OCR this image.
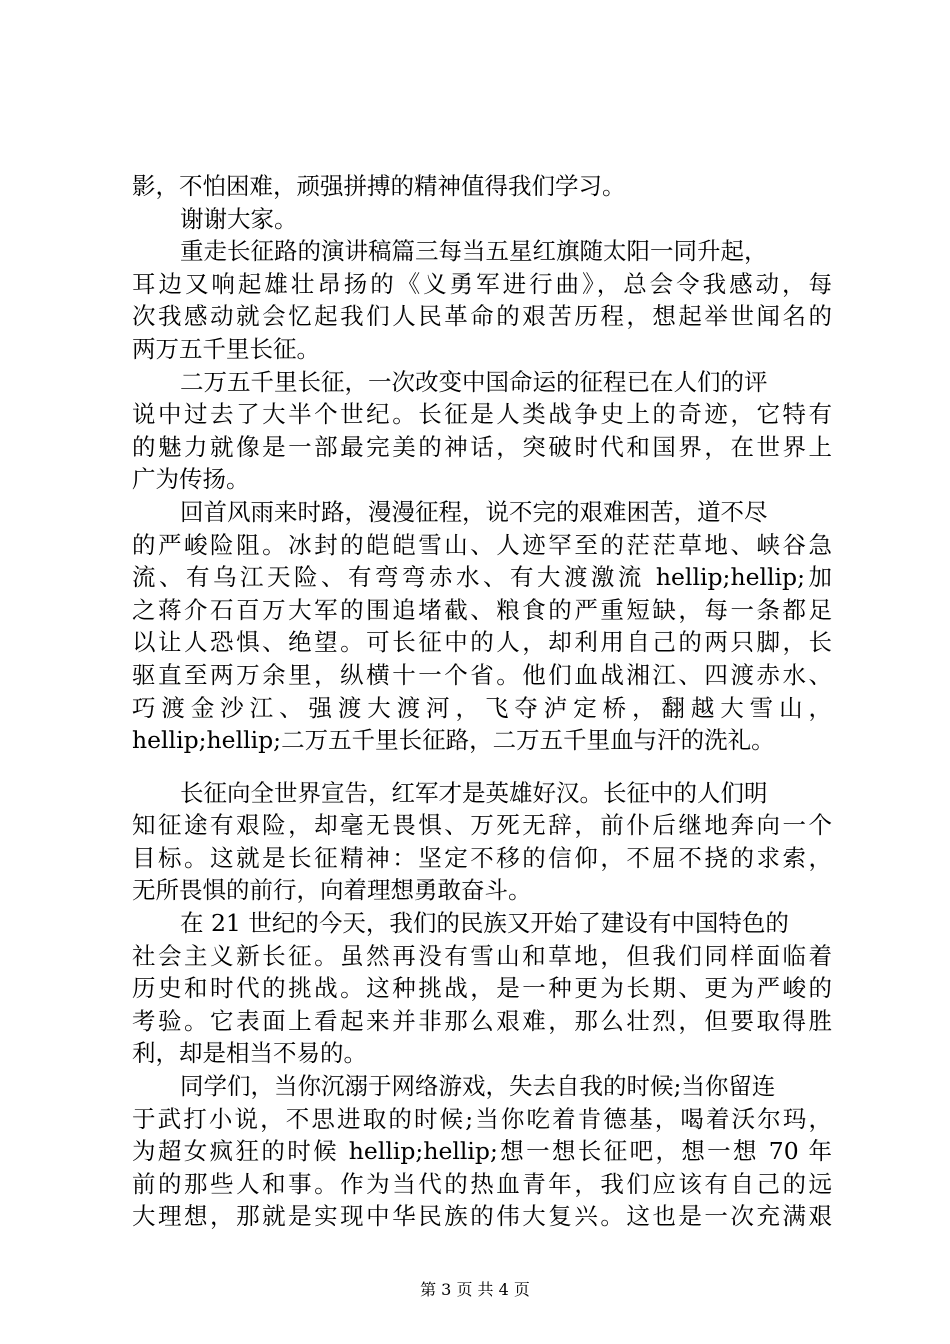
影，不怕困难，顽强拼搏的精神值得我们学习。
谢谢大家。
重走长征路的演讲稿篇三每当五星红旗随太阳一同升起，
耳边又响起雄壮昂扬的《义勇军进行曲》，总会令我感动，每
次我感动就会忆起我们人民革命的艰苦历程，想起举世闻名的
两万五千里长征。
二万五千里长征，一次改变中国命运的征程已在人们的评
说中过去了大半个世纪。长征是人类战争史上的奇迹，它特有
的魅力就像是一部最完美的神话，突破时代和国界，在世界上
广为传扬。
回首风雨来时路，漫漫征程，说不完的艰难困苦，道不尽
的严峻险阻。冰封的皑皑雪山、人迹罕至的茫茫草地、峡谷急
流、有乌江天险、有弯弯赤水、有大渡激流 hellip;hellip;加
之蒋介石百万大军的围追堵截、粮食的严重短缺，每一条都足
以让人恐惧、绝望。可长征中的人，却利用自己的两只脚，长
驱直至两万余里，纵横十一个省。他们血战湘江、四渡赤水、
巧渡金沙江、强渡大渡河，飞夺泸定桥，翻越大雪山，
hellip;hellip;二万五千里长征路，二万五千里血与汗的洗礼。
长征向全世界宣告，红军才是英雄好汉。长征中的人们明
知征途有艰险，却毫无畏惧、万死无辞，前仆后继地奔向一个
目标。这就是长征精神：坚定不移的信仰，不屈不挠的求索，
无所畏惧的前行，向着理想勇敢奋斗。
在 21 世纪的今天，我们的民族又开始了建设有中国特色的
社会主义新长征。虽然再没有雪山和草地，但我们同样面临着
历史和时代的挑战。这种挑战，是一种更为长期、更为严峻的
考验。它表面上看起来并非那么艰难，那么壮烈，但要取得胜
利，却是相当不易的。
同学们，当你沉溺于网络游戏，失去自我的时候;当你留连
于武打小说，不思进取的时候;当你吃着肯德基，喝着沃尔玛，
为超女疯狂的时候 hellip;hellip;想一想长征吧，想一想 70 年
前的那些人和事。作为当代的热血青年，我们应该有自己的远
大理想，那就是实现中华民族的伟大复兴。这也是一次充满艰
第 3 页 共 4 页
